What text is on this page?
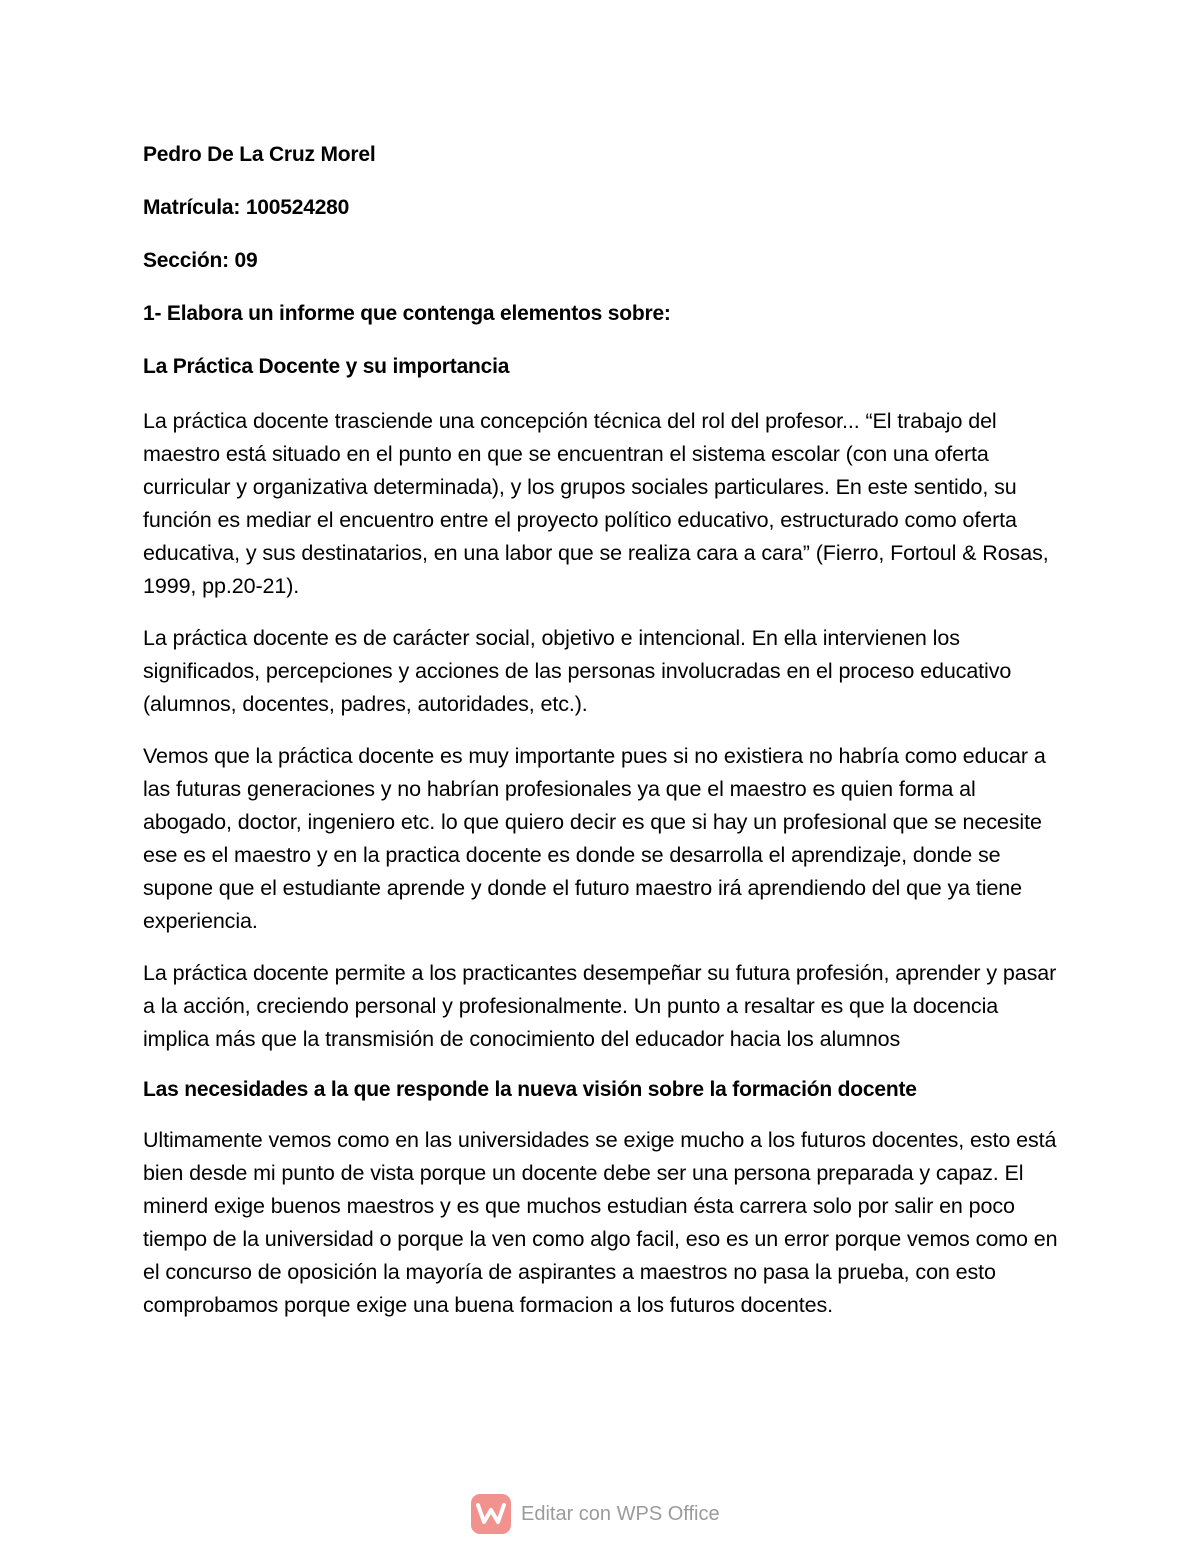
Pedro De La Cruz Morel

Matrícula: 100524280

Sección: 09

1- Elabora un informe que contenga elementos sobre:

La Práctica Docente y su importancia

La práctica docente trasciende una concepción técnica del rol del profesor... “El trabajo del maestro está situado en el punto en que se encuentran el sistema escolar (con una oferta curricular y organizativa determinada), y los grupos sociales particulares. En este sentido, su función es mediar el encuentro entre el proyecto político educativo, estructurado como oferta educativa, y sus destinatarios, en una labor que se realiza cara a cara” (Fierro, Fortoul & Rosas, 1999, pp.20-21).

La práctica docente es de carácter social, objetivo e intencional. En ella intervienen los significados, percepciones y acciones de las personas involucradas en el proceso educativo (alumnos, docentes, padres, autoridades, etc.).

Vemos que la práctica docente es muy importante pues si no existiera no habría como educar a las futuras generaciones y no habrían profesionales ya que el maestro es quien forma al abogado, doctor, ingeniero etc. lo que quiero decir es que si hay un profesional que se necesite ese es el maestro y en la practica docente es donde se desarrolla el aprendizaje, donde se supone que el estudiante aprende y donde el futuro maestro irá aprendiendo del que ya tiene experiencia.

La práctica docente permite a los practicantes desempeñar su futura profesión, aprender y pasar a la acción, creciendo personal y profesionalmente. Un punto a resaltar es que la docencia implica más que la transmisión de conocimiento del educador hacia los alumnos

Las necesidades a la que responde la nueva visión sobre la formación docente

Ultimamente vemos como en las universidades se exige mucho a los futuros docentes, esto está bien desde mi punto de vista porque un docente debe ser una persona preparada y capaz. El minerd exige buenos maestros y es que muchos estudian ésta carrera solo por salir en poco tiempo de la universidad o porque la ven como algo facil, eso es un error porque vemos como en el concurso de oposición la mayoría de aspirantes a maestros no pasa la prueba, con esto comprobamos porque exige una buena formacion a los futuros docentes.

Editar con WPS Office
